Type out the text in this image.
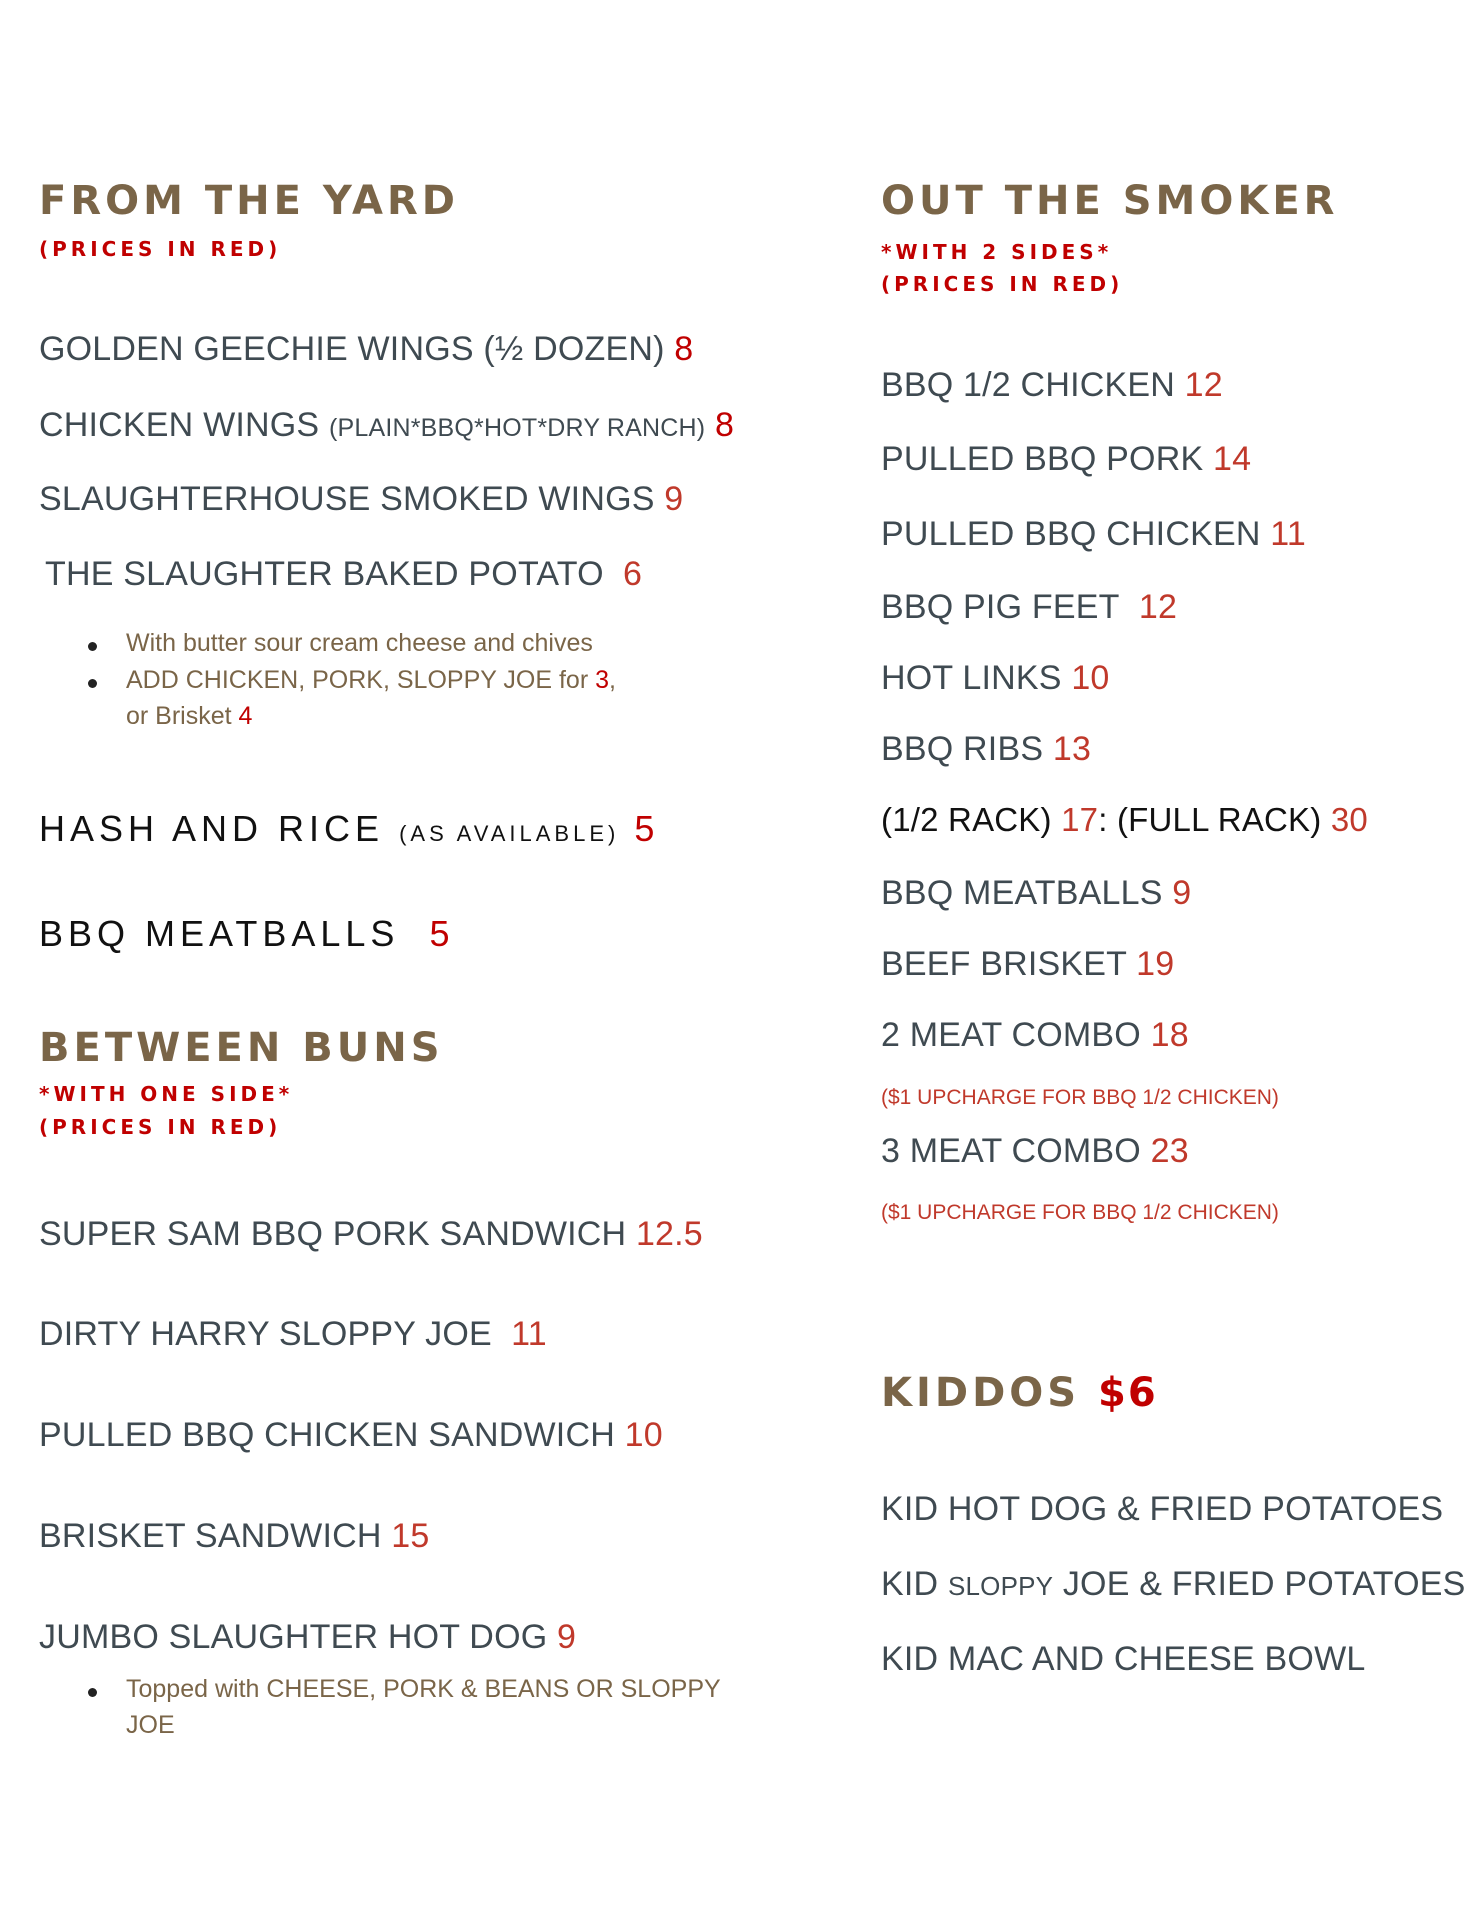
FROM THE YARD
(PRICES IN RED)
GOLDEN GEECHIE WINGS (½ DOZEN) 8
CHICKEN WINGS (PLAIN*BBQ*HOT*DRY RANCH) 8
SLAUGHTERHOUSE SMOKED WINGS 9
THE SLAUGHTER BAKED POTATO 6
With butter sour cream cheese and chives
ADD CHICKEN, PORK, SLOPPY JOE for 3,
or Brisket 4
HASH AND RICE (AS AVAILABLE) 5
BBQ MEATBALLS 5
BETWEEN BUNS
*WITH ONE SIDE*
(PRICES IN RED)
SUPER SAM BBQ PORK SANDWICH 12.5
DIRTY HARRY SLOPPY JOE 11
PULLED BBQ CHICKEN SANDWICH 10
BRISKET SANDWICH 15
JUMBO SLAUGHTER HOT DOG 9
Topped with CHEESE, PORK & BEANS OR SLOPPY
JOE
OUT THE SMOKER
*WITH 2 SIDES*
(PRICES IN RED)
BBQ 1/2 CHICKEN 12
PULLED BBQ PORK 14
PULLED BBQ CHICKEN 11
BBQ PIG FEET 12
HOT LINKS 10
BBQ RIBS 13
(1/2 RACK) 17: (FULL RACK) 30
BBQ MEATBALLS 9
BEEF BRISKET 19
2 MEAT COMBO 18
($1 UPCHARGE FOR BBQ 1/2 CHICKEN)
3 MEAT COMBO 23
($1 UPCHARGE FOR BBQ 1/2 CHICKEN)
KIDDOS $6
KID HOT DOG & FRIED POTATOES
KID SLOPPY JOE & FRIED POTATOES
KID MAC AND CHEESE BOWL
